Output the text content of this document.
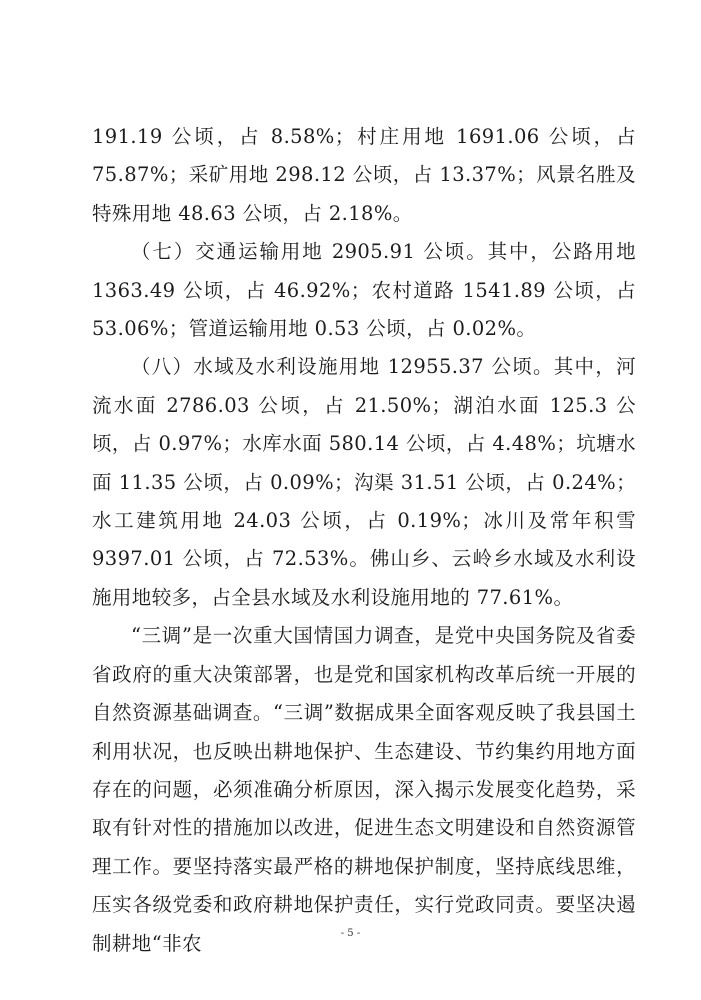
191.19 公顷，占 8.58%；村庄用地 1691.06 公顷，占 75.87%；采矿用地 298.12 公顷，占 13.37%；风景名胜及特殊用地 48.63 公顷，占 2.18%。

（七）交通运输用地 2905.91 公顷。其中，公路用地 1363.49 公顷，占 46.92%；农村道路 1541.89 公顷，占 53.06%；管道运输用地 0.53 公顷，占 0.02%。

（八）水域及水利设施用地 12955.37 公顷。其中，河流水面 2786.03 公顷，占 21.50%；湖泊水面 125.3 公顷，占 0.97%；水库水面 580.14 公顷，占 4.48%；坑塘水面 11.35 公顷，占 0.09%；沟渠 31.51 公顷，占 0.24%；水工建筑用地 24.03 公顷，占 0.19%；冰川及常年积雪 9397.01 公顷，占 72.53%。佛山乡、云岭乡水域及水利设施用地较多，占全县水域及水利设施用地的 77.61%。

“三调”是一次重大国情国力调查，是党中央国务院及省委省政府的重大决策部署，也是党和国家机构改革后统一开展的自然资源基础调查。“三调”数据成果全面客观反映了我县国土利用状况，也反映出耕地保护、生态建设、节约集约用地方面存在的问题，必须准确分析原因，深入揭示发展变化趋势，采取有针对性的措施加以改进，促进生态文明建设和自然资源管理工作。要坚持落实最严格的耕地保护制度，坚持底线思维，压实各级党委和政府耕地保护责任，实行党政同责。要坚决遏制耕地“非农	- 5 -
